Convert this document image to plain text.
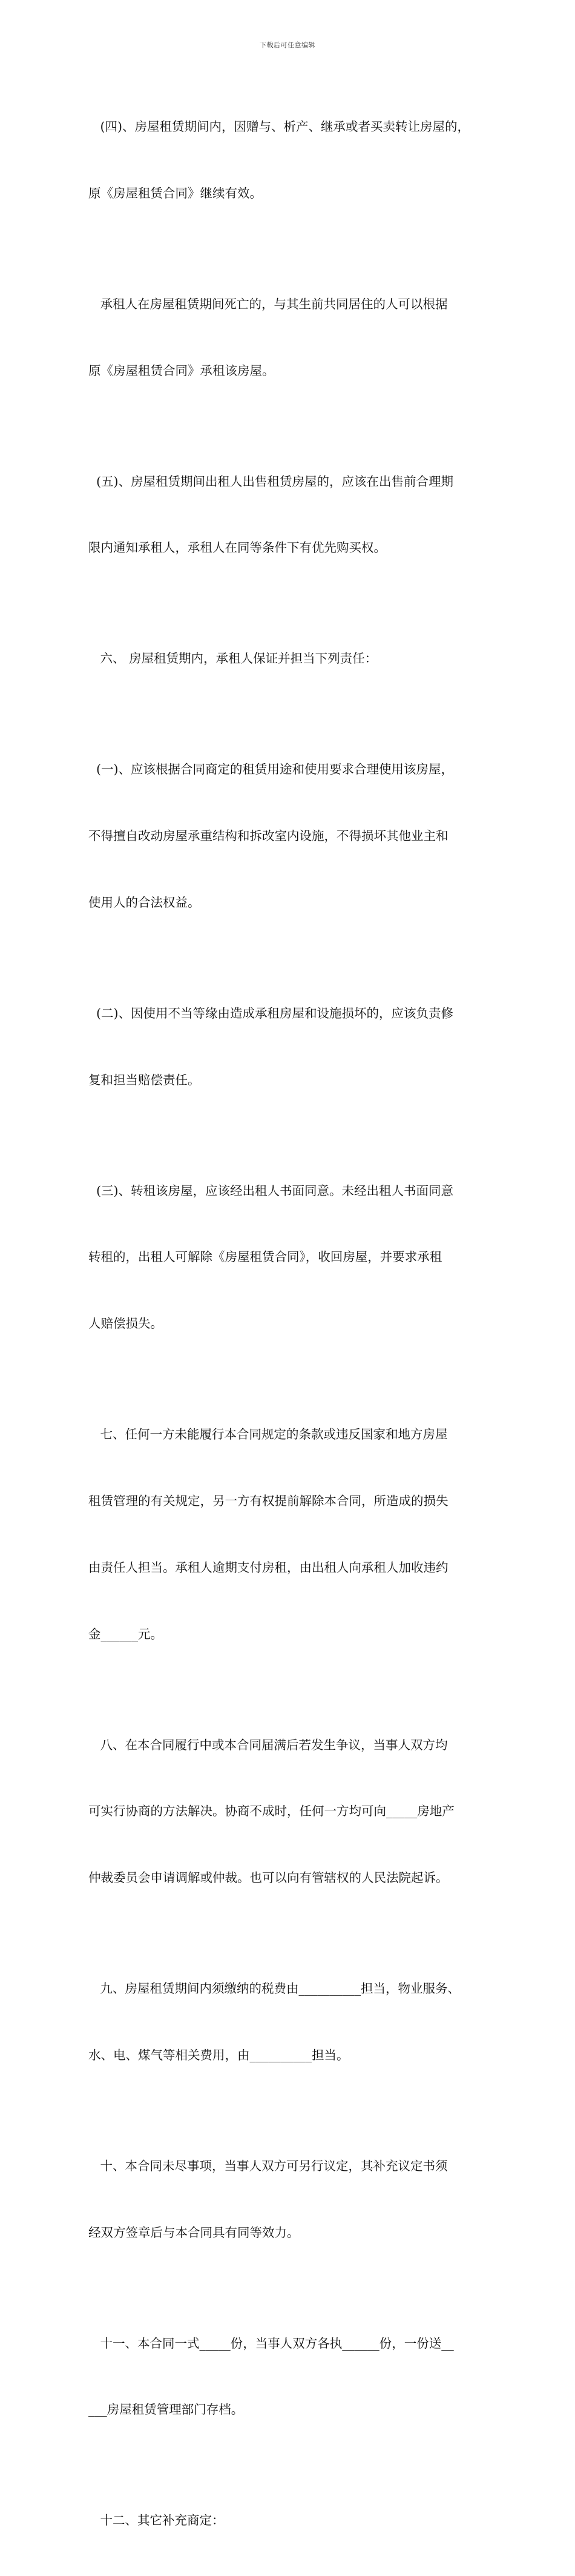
下载后可任意编辑

(四)、房屋租赁期间内，因赠与、析产、继承或者买卖转让房屋的，

原《房屋租赁合同》继续有效。

承租人在房屋租赁期间死亡的，与其生前共同居住的人可以根据

原《房屋租赁合同》承租该房屋。

(五)、房屋租赁期间出租人出售租赁房屋的，应该在出售前合理期

限内通知承租人，承租人在同等条件下有优先购买权。

六、 房屋租赁期内，承租人保证并担当下列责任：

(一)、应该根据合同商定的租赁用途和使用要求合理使用该房屋，

不得擅自改动房屋承重结构和拆改室内设施，不得损坏其他业主和

使用人的合法权益。

(二)、因使用不当等缘由造成承租房屋和设施损坏的，应该负责修

复和担当赔偿责任。

(三)、转租该房屋，应该经出租人书面同意。未经出租人书面同意

转租的，出租人可解除《房屋租赁合同》，收回房屋，并要求承租

人赔偿损失。

七、任何一方未能履行本合同规定的条款或违反国家和地方房屋

租赁管理的有关规定，另一方有权提前解除本合同，所造成的损失

由责任人担当。承租人逾期支付房租，由出租人向承租人加收违约

金______元。

八、在本合同履行中或本合同届满后若发生争议，当事人双方均

可实行协商的方法解决。协商不成时，任何一方均可向_____房地产

仲裁委员会申请调解或仲裁。也可以向有管辖权的人民法院起诉。

九、房屋租赁期间内须缴纳的税费由__________担当，物业服务、

水、电、煤气等相关费用，由__________担当。

十、本合同未尽事项，当事人双方可另行议定，其补充议定书须

经双方签章后与本合同具有同等效力。

十一、本合同一式_____份，当事人双方各执______份，一份送__

___房屋租赁管理部门存档。

十二、其它补充商定：
